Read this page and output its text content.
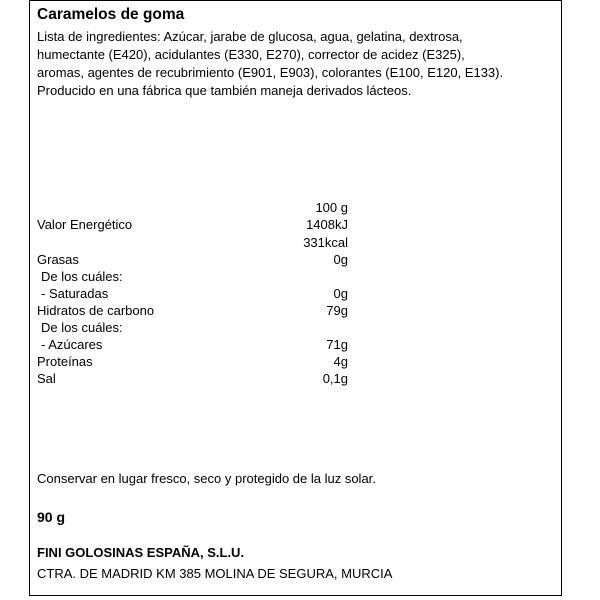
Caramelos de goma
Lista de ingredientes: Azúcar, jarabe de glucosa, agua, gelatina, dextrosa,
humectante (E420), acidulantes (E330, E270), corrector de acidez (E325),
aromas, agentes de recubrimiento (E901, E903), colorantes (E100, E120, E133).
Producido en una fábrica que también maneja derivados lácteos.
100 g
Valor Energético	1408kJ
331kcal
Grasas	0g
De los cuáles:
- Saturadas	0g
Hidratos de carbono	79g
De los cuáles:
- Azúcares	71g
Proteínas	4g
Sal	0,1g
Conservar en lugar fresco, seco y protegido de la luz solar.
90 g
FINI GOLOSINAS ESPAÑA, S.L.U.
CTRA. DE MADRID KM 385 MOLINA DE SEGURA, MURCIA
